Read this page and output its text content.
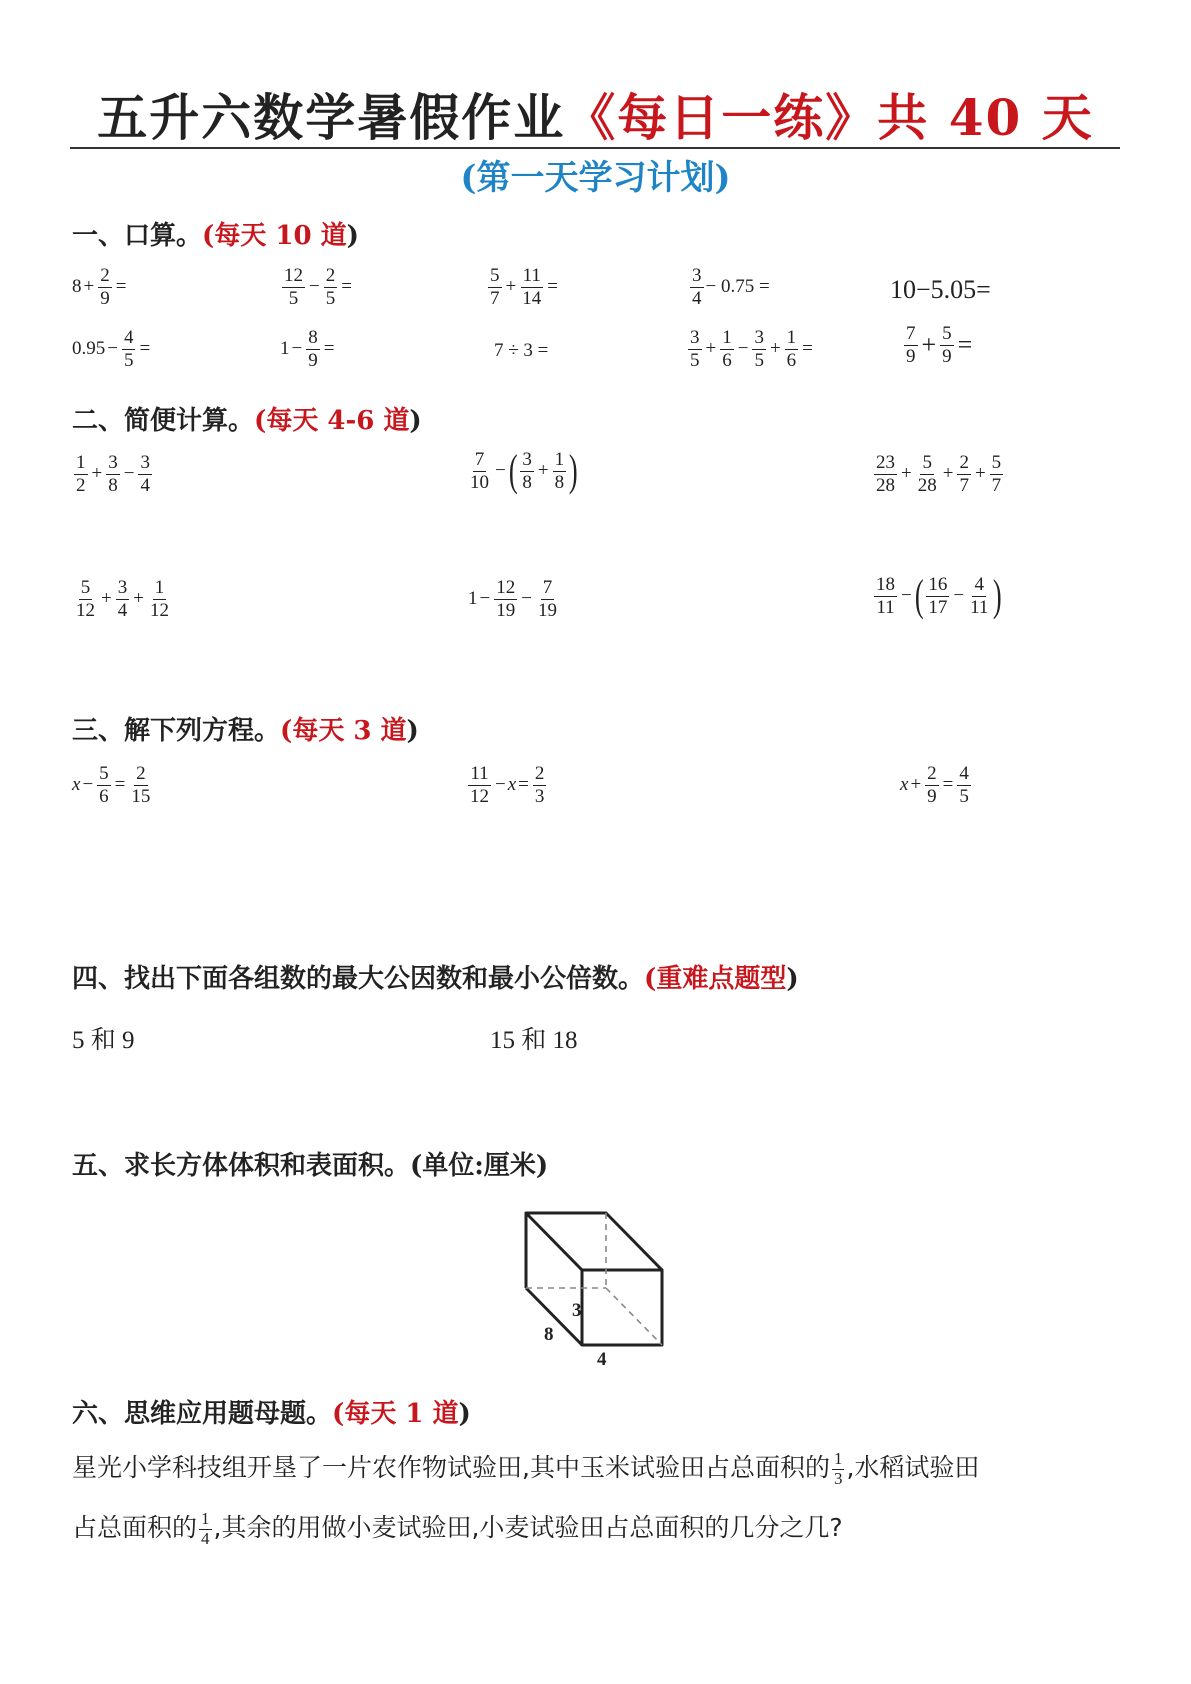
五升六数学暑假作业《每日一练》共 40 天
(第一天学习计划)
一、口算。(每天 10 道)
$8 + \frac{2}{9}$ =	$\frac{12}{5} - \frac{2}{5}$ =	$\frac{5}{7} + \frac{11}{14}$ =	$\frac{3}{4} - 0.75$ =	10−5.05=
$0.95 - \frac{4}{5}$ =	$1 - \frac{8}{9}$ =	7 ÷ 3 =	$\frac{3}{5} + \frac{1}{6} - \frac{3}{5} + \frac{1}{6}$ =	$\frac{7}{9} + \frac{5}{9}$ =
二、简便计算。(每天 4-6 道)
$\frac{1}{2} + \frac{3}{8} - \frac{3}{4}$	$\frac{7}{10}$ − ( $\frac{3}{8} + \frac{1}{8}$ )	$\frac{23}{28} + \frac{5}{28} + \frac{2}{7} + \frac{5}{7}$
$\frac{5}{12} + \frac{3}{4} + \frac{1}{12}$	$1 - \frac{12}{19} - \frac{7}{19}$	$\frac{18}{11}$ − ( $\frac{16}{17} - \frac{4}{11}$ )
三、解下列方程。(每天 3 道)
$x - \frac{5}{6} = \frac{2}{15}$	$\frac{11}{12} - x = \frac{2}{3}$	$x + \frac{2}{9} = \frac{4}{5}$
四、找出下面各组数的最大公因数和最小公倍数。(重难点题型)
5 和 9	15 和 18
五、求长方体体积和表面积。(单位:厘米)
3
8
4
六、思维应用题母题。(每天 1 道)
星光小学科技组开垦了一片农作物试验田,其中玉米试验田占总面积的 $\frac{1}{3}$ ,水稻试验田
占总面积的 $\frac{1}{4}$ ,其余的用做小麦试验田,小麦试验田占总面积的几分之几?
